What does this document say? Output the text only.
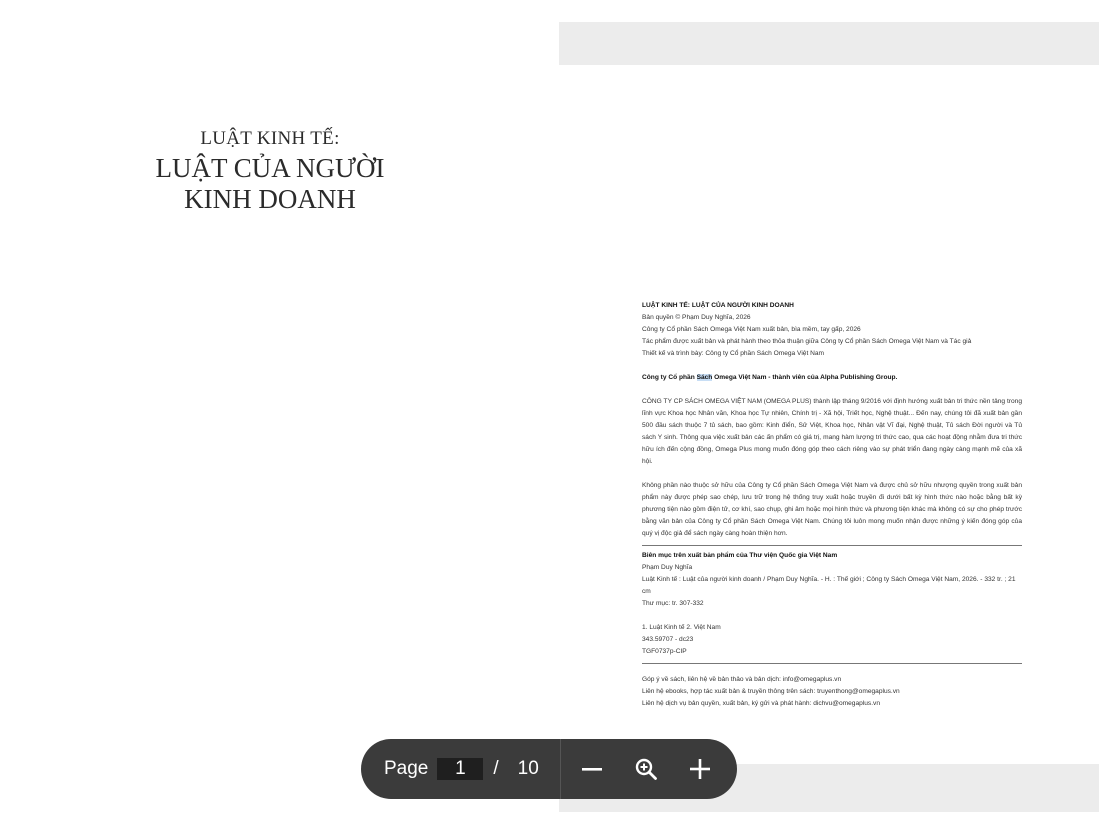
LUẬT KINH TẾ:
LUẬT CỦA NGƯỜI
KINH DOANH

LUẬT KINH TẾ: LUẬT CỦA NGƯỜI KINH DOANH

Bản quyền © Phạm Duy Nghĩa, 2026

Công ty Cổ phần Sách Omega Việt Nam xuất bản, bìa mềm, tay gấp, 2026

Tác phẩm được xuất bản và phát hành theo thỏa thuận giữa Công ty Cổ phần Sách Omega Việt Nam và Tác giả

Thiết kế và trình bày: Công ty Cổ phần Sách Omega Việt Nam

Công ty Cổ phần Sách Omega Việt Nam - thành viên của Alpha Publishing Group.

CÔNG TY CP SÁCH OMEGA VIỆT NAM (OMEGA PLUS) thành lập tháng 9/2016 với định hướng xuất bản tri thức nền tảng trong lĩnh vực Khoa học Nhân văn, Khoa học Tự nhiên, Chính trị - Xã hội, Triết học, Nghệ thuật... Đến nay, chúng tôi đã xuất bản gần 500 đầu sách thuộc 7 tủ sách, bao gồm: Kinh điển, Sử Việt, Khoa học, Nhân vật Vĩ đại, Nghệ thuật, Tủ sách Đời người và Tủ sách Y sinh. Thông qua việc xuất bản các ấn phẩm có giá trị, mang hàm lượng tri thức cao, qua các hoạt động nhằm đưa tri thức hữu ích đến cộng đồng, Omega Plus mong muốn đóng góp theo cách riêng vào sự phát triển đang ngày càng mạnh mẽ của xã hội.

Không phần nào thuộc sở hữu của Công ty Cổ phần Sách Omega Việt Nam và được chủ sở hữu nhượng quyền trong xuất bản phẩm này được phép sao chép, lưu trữ trong hệ thống truy xuất hoặc truyền đi dưới bất kỳ hình thức nào hoặc bằng bất kỳ phương tiện nào gồm điện tử, cơ khí, sao chụp, ghi âm hoặc mọi hình thức và phương tiện khác mà không có sự cho phép trước bằng văn bản của Công ty Cổ phần Sách Omega Việt Nam. Chúng tôi luôn mong muốn nhận được những ý kiến đóng góp của quý vị độc giả để sách ngày càng hoàn thiện hơn.

Biên mục trên xuất bản phẩm của Thư viện Quốc gia Việt Nam

Phạm Duy Nghĩa

Luật Kinh tế : Luật của người kinh doanh / Phạm Duy Nghĩa. - H. : Thế giới ; Công ty Sách Omega Việt Nam, 2026. - 332 tr. ; 21 cm

Thư mục: tr. 307-332

1. Luật Kinh tế 2. Việt Nam

343.59707 - dc23

TGF0737p-CIP

Góp ý về sách, liên hệ về bản thảo và bản dịch: info@omegaplus.vn

Liên hệ ebooks, hợp tác xuất bản & truyền thông trên sách: truyenthong@omegaplus.vn

Liên hệ dịch vụ bản quyền, xuất bản, ký gửi và phát hành: dichvu@omegaplus.vn

Page	1	/ 10
